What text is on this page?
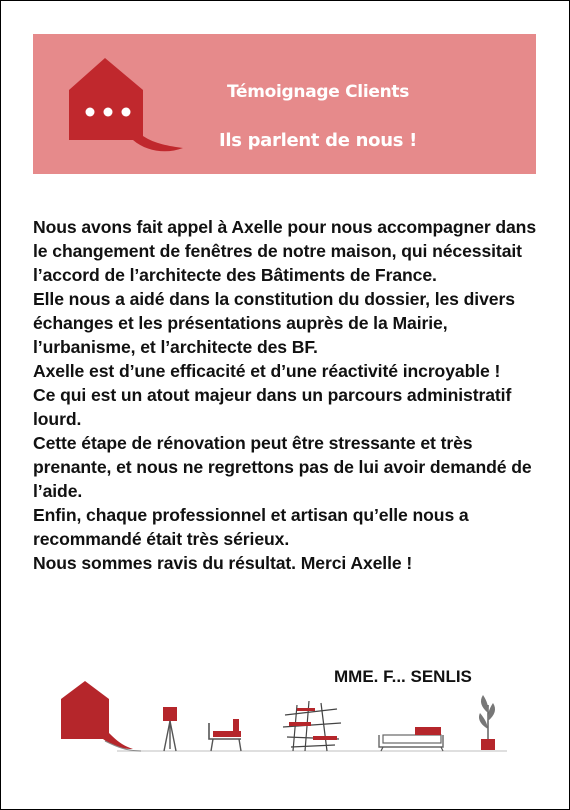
Témoignage Clients
Ils parlent de nous !

Nous avons fait appel à Axelle pour nous accompagner dans le changement de fenêtres de notre maison, qui nécessitait l’accord de l’architecte des Bâtiments de France.

Elle nous a aidé dans la constitution du dossier, les divers échanges et les présentations auprès de la Mairie, l’urbanisme, et l’architecte des BF.

Axelle est d’une efficacité et d’une réactivité incroyable !

Ce qui est un atout majeur dans un parcours administratif lourd.

Cette étape de rénovation peut être stressante et très prenante, et nous ne regrettons pas de lui avoir demandé de l’aide.

Enfin, chaque professionnel et artisan qu’elle nous a recommandé était très sérieux.

Nous sommes ravis du résultat. Merci Axelle !

MME. F... SENLIS
